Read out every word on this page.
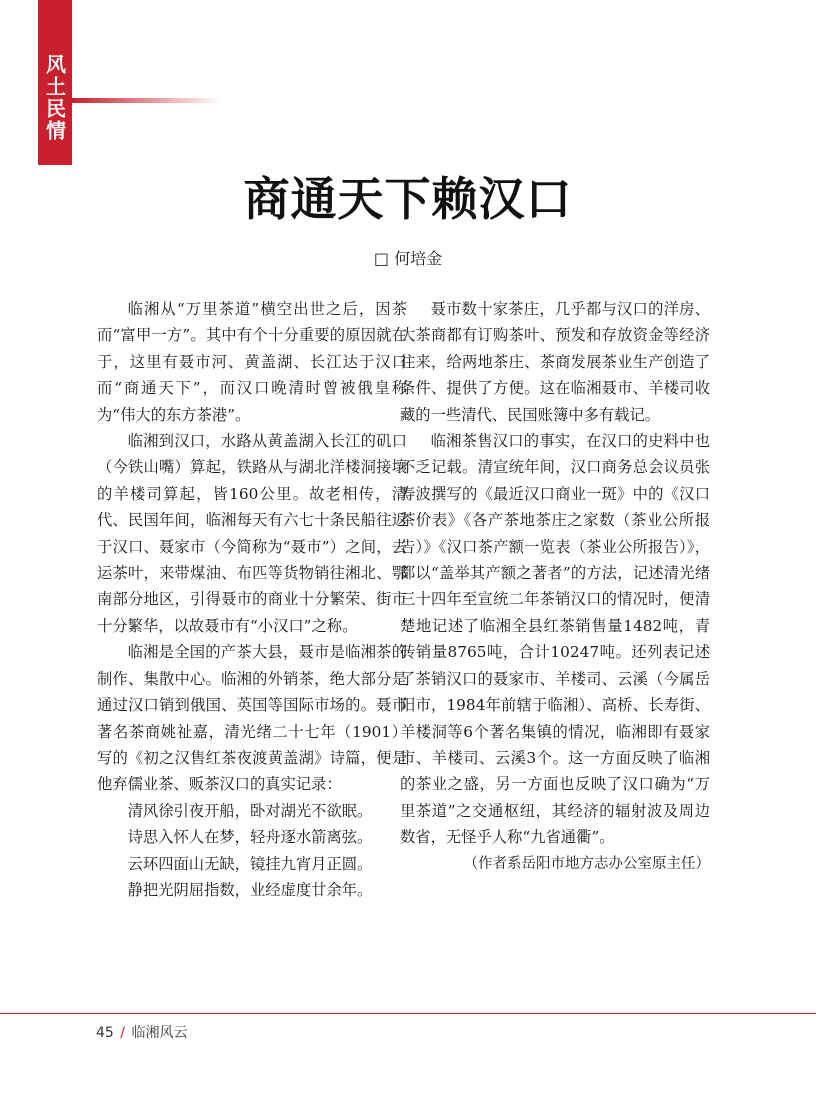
风土民情
商通天下赖汉口
□ 何培金

临湘从“万里茶道”横空出世之后，因茶而“富甲一方”。其中有个十分重要的原因就在于，这里有聂市河、黄盖湖、长江达于汉口而“商通天下”，而汉口晚清时曾被俄皇称为“伟大的东方茶港”。

临湘到汉口，水路从黄盖湖入长江的矶口（今铁山嘴）算起，铁路从与湖北洋楼洞接壤的羊楼司算起，皆160公里。故老相传，清代、民国年间，临湘每天有六七十条民船往返于汉口、聂家市（今简称为“聂市”）之间，去运茶叶，来带煤油、布匹等货物销往湘北、鄂南部分地区，引得聂市的商业十分繁荣、街市十分繁华，以故聂市有“小汉口”之称。

临湘是全国的产茶大县，聂市是临湘茶的制作、集散中心。临湘的外销茶，绝大部分是通过汉口销到俄国、英国等国际市场的。聂市著名茶商姚祉嘉，清光绪二十七年（1901）写的《初之汉售红茶夜渡黄盖湖》诗篇，便是他弃儒业茶、贩茶汉口的真实记录：

清风徐引夜开船，卧对湖光不欲眠。

诗思入怀人在梦，轻舟逐水箭离弦。

云环四面山无缺，镜挂九宵月正圆。

静把光阴屈指数，业经虚度廿余年。

聂市数十家茶庄，几乎都与汉口的洋房、大茶商都有订购茶叶、预发和存放资金等经济往来，给两地茶庄、茶商发展茶业生产创造了条件、提供了方便。这在临湘聂市、羊楼司收藏的一些清代、民国账簿中多有载记。

临湘茶售汉口的事实，在汉口的史料中也不乏记载。清宣统年间，汉口商务总会议员张寿波撰写的《最近汉口商业一斑》中的《汉口茶价表》《各产茶地茶庄之家数（茶业公所报告）》《汉口茶产额一览表（茶业公所报告）》，都以“盖举其产额之著者”的方法，记述清光绪三十四年至宣统二年茶销汉口的情况时，便清楚地记述了临湘全县红茶销售量1482吨，青砖销量8765吨，合计10247吨。还列表记述了茶销汉口的聂家市、羊楼司、云溪（今属岳阳市，1984年前辖于临湘）、高桥、长寿街、羊楼洞等6个著名集镇的情况，临湘即有聂家市、羊楼司、云溪3个。这一方面反映了临湘的茶业之盛，另一方面也反映了汉口确为“万里茶道”之交通枢纽，其经济的辐射波及周边数省，无怪乎人称“九省通衢”。

（作者系岳阳市地方志办公室原主任）

45 / 临湘风云
